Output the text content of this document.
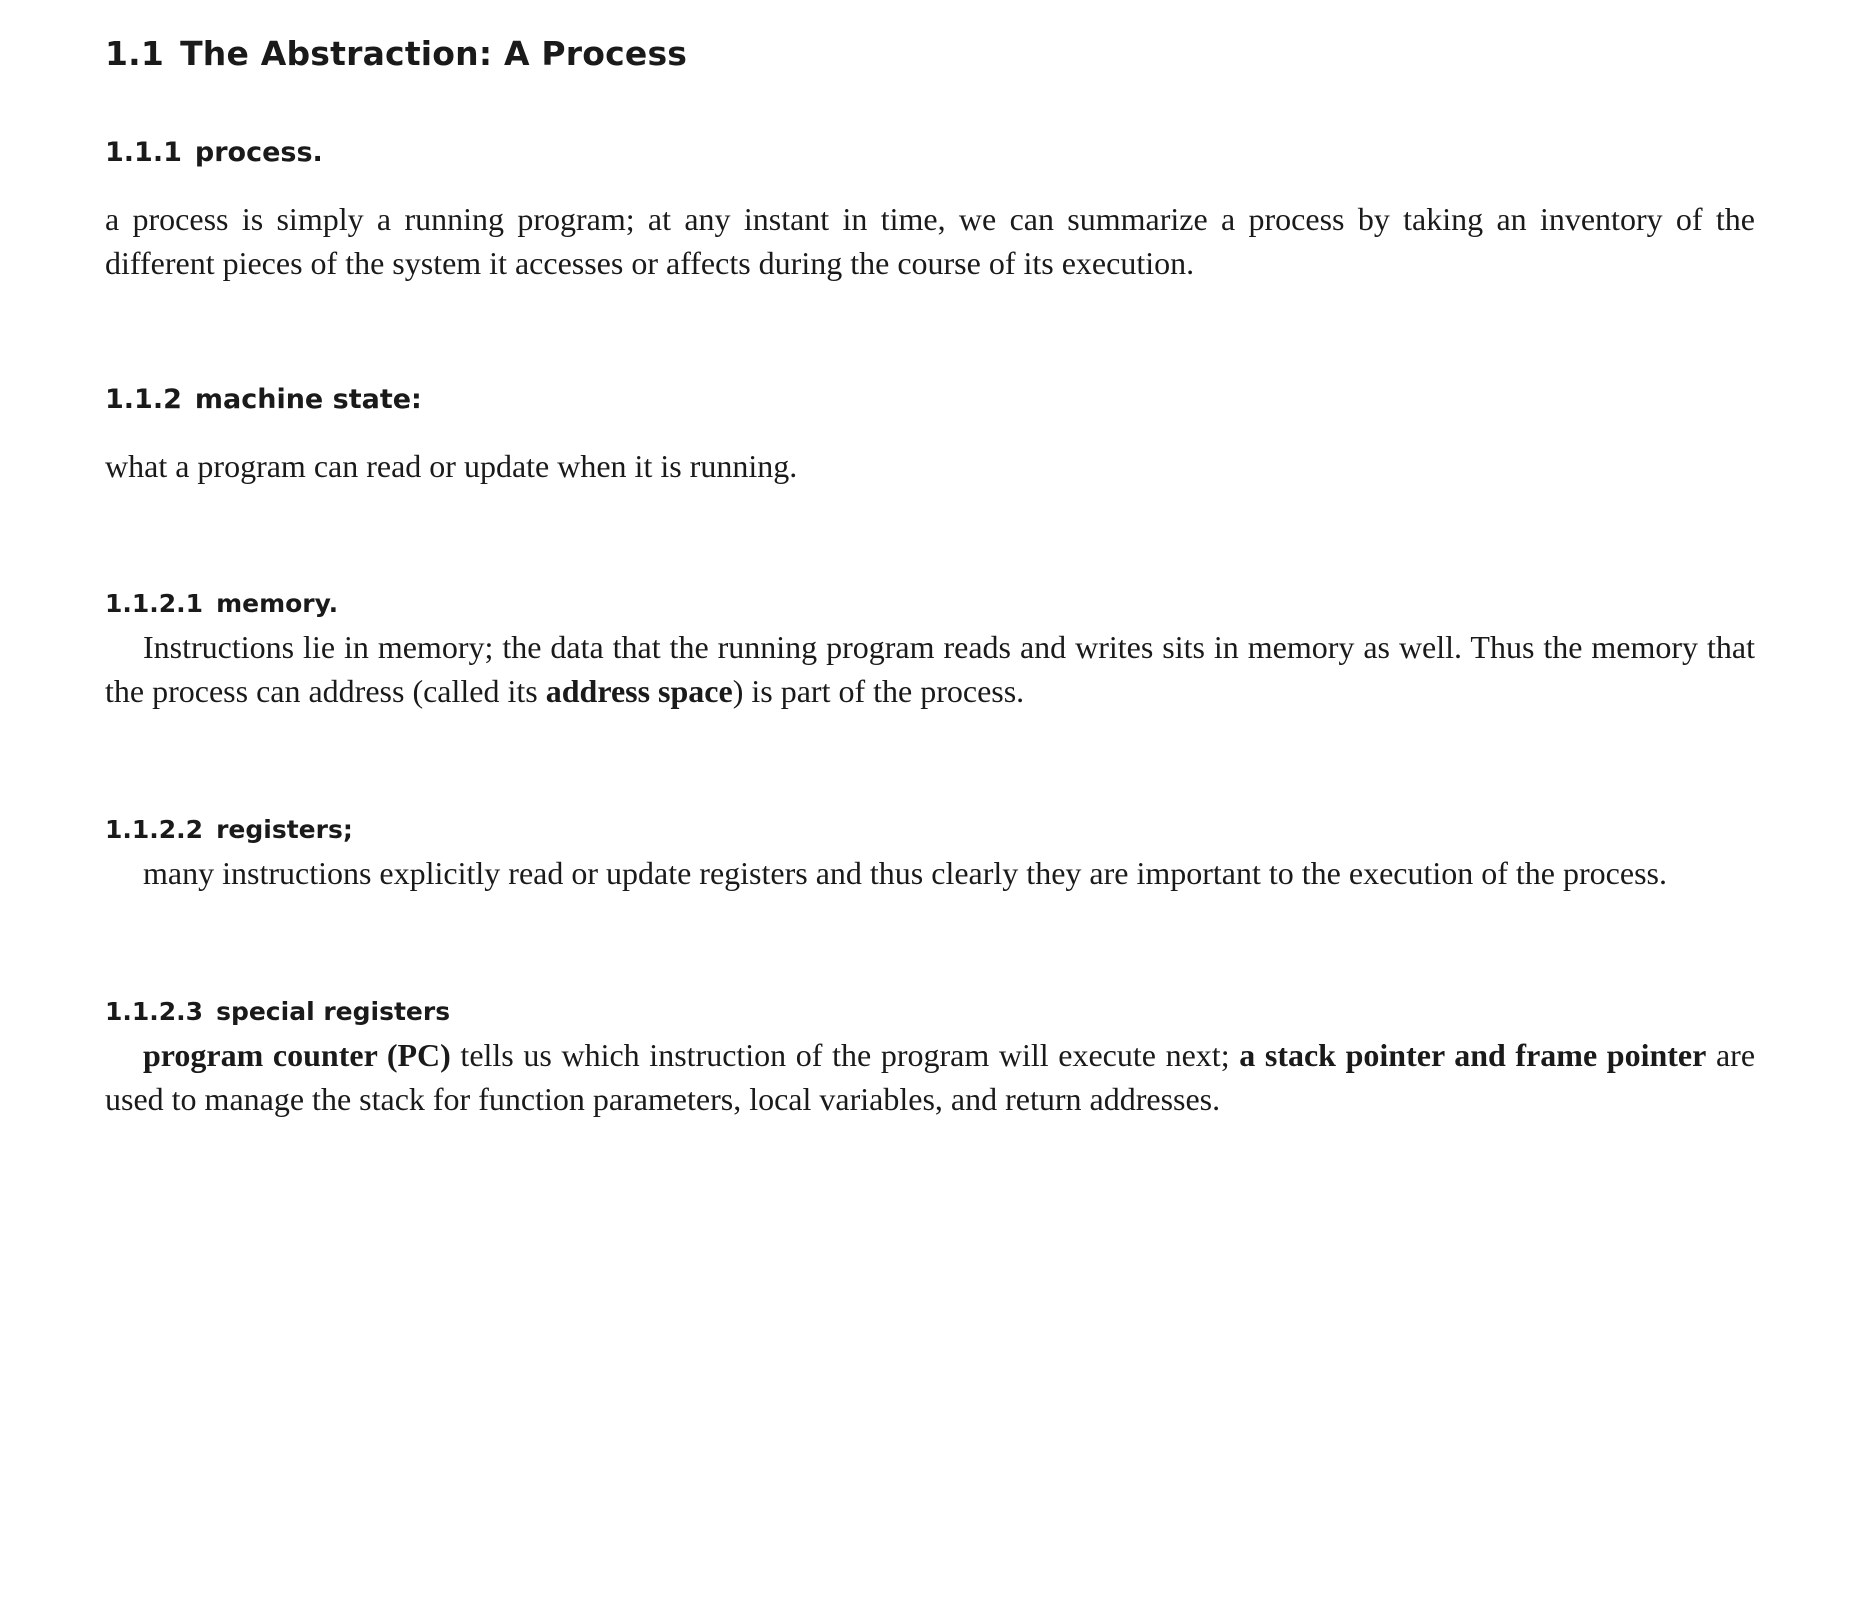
1.1 The Abstraction: A Process
1.1.1 process.

a process is simply a running program; at any instant in time, we can summarize a process by taking an inventory of the different pieces of the system it accesses or affects during the course of its execution.

1.1.2 machine state:

what a program can read or update when it is running.

1.1.2.1 memory.

Instructions lie in memory; the data that the running program reads and writes sits in memory as well. Thus the memory that the process can address (called its address space) is part of the process.

1.1.2.2 registers;

many instructions explicitly read or update registers and thus clearly they are important to the execution of the process.

1.1.2.3 special registers

program counter (PC) tells us which instruction of the program will execute next; a stack pointer and frame pointer are used to manage the stack for function parameters, local variables, and return addresses.
